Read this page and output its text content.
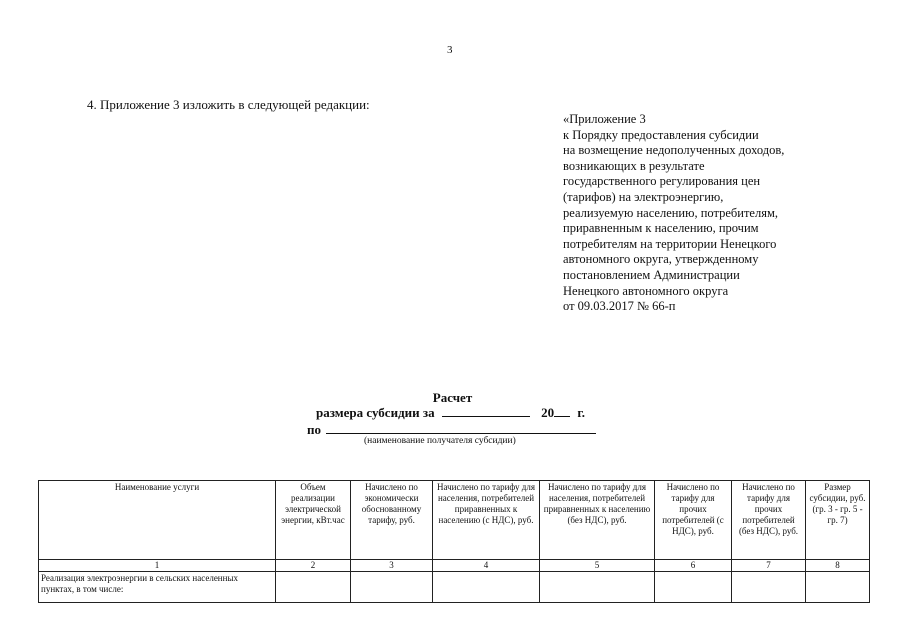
3
4. Приложение 3 изложить в следующей редакции:
«Приложение 3
к Порядку предоставления субсидии
на возмещение недополученных доходов,
возникающих в результате
государственного регулирования цен
(тарифов) на электроэнергию,
реализуемую населению, потребителям,
приравненным к населению, прочим
потребителям на территории Ненецкого
автономного округа, утвержденному
постановлением Администрации
Ненецкого автономного округа
от 09.03.2017 № 66-п
Расчет
размера субсидии за	20 г.
по
(наименование получателя субсидии)
Наименование услуги	Объем реализации электрической энергии, кВт.час	Начислено по экономически обоснованному тарифу, руб.	Начислено по тарифу для населения, потребителей приравненных к населению (с НДС), руб.	Начислено по тарифу для населения, потребителей приравненных к населению (без НДС), руб.	Начислено по тарифу для прочих потребителей (с НДС), руб.	Начислено по тарифу для прочих потребителей (без НДС), руб.	Размер субсидии, руб. (гр. 3 - гр. 5 - гр. 7)
1	2	3	4	5	6	7	8
Реализация электроэнергии в сельских населенных пунктах, в том числе:							
